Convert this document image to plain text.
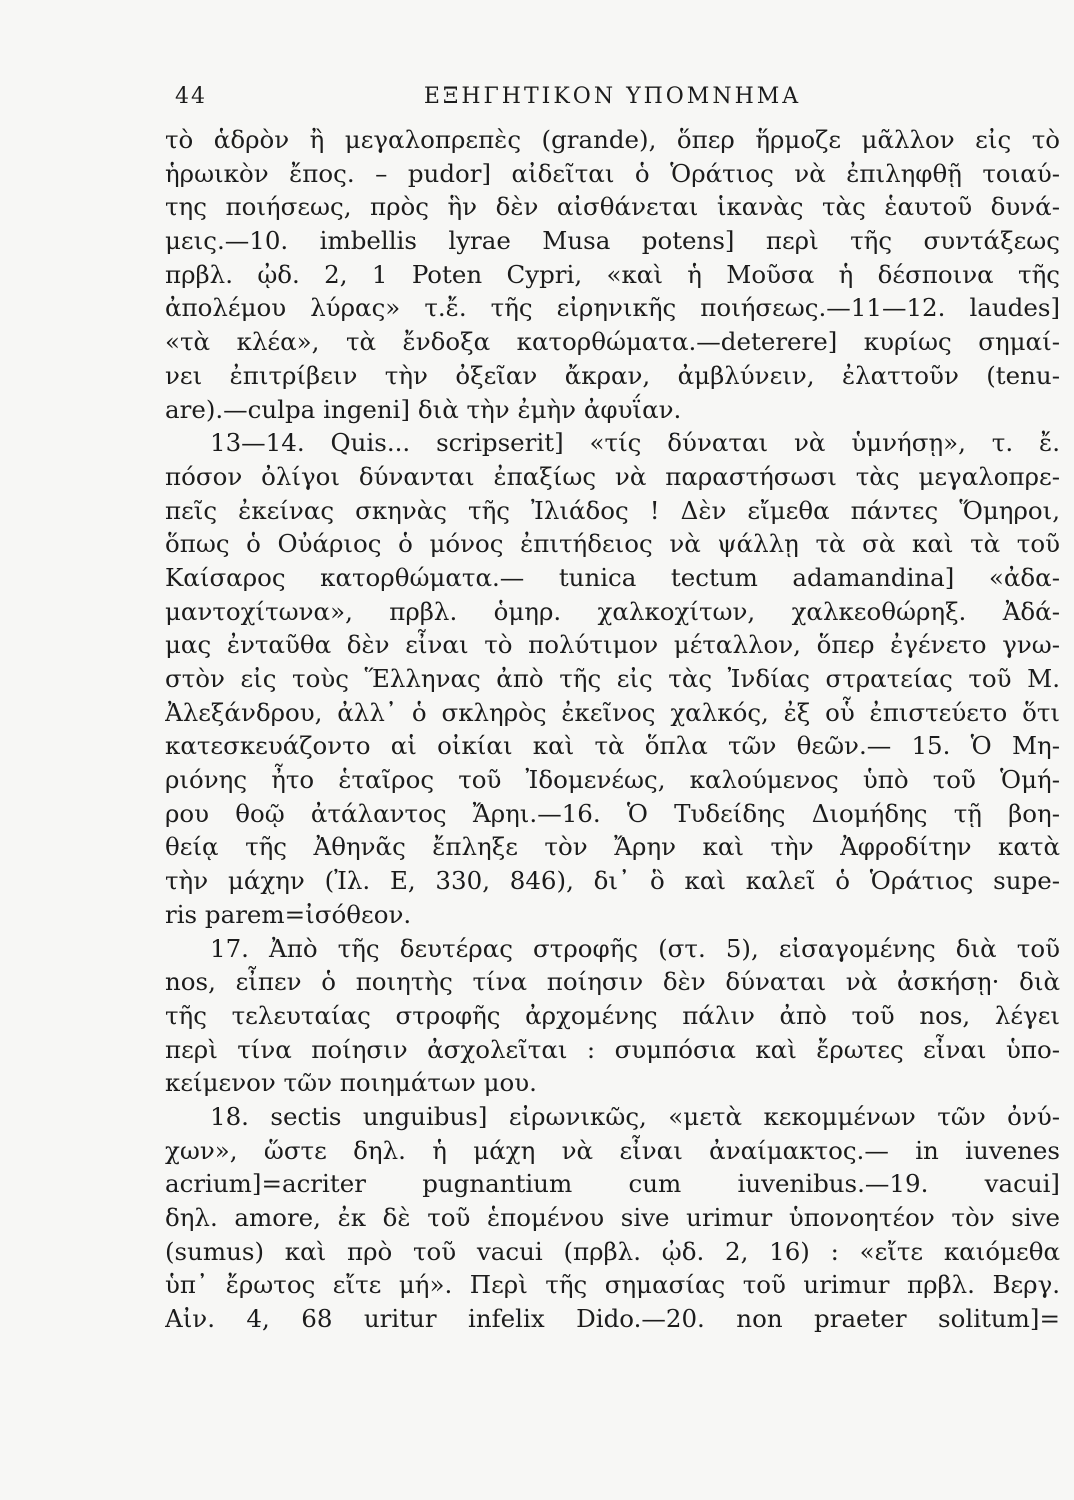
44	ΕΞΗΓΗΤΙΚΟΝ ΥΠΟΜΝΗΜΑ
τὸ ἁδρὸν ἢ μεγαλοπρεπὲς (grande), ὅπερ ἥρμοζε μᾶλλον εἰς τὸ
ἡρωικὸν ἔπος. – pudor] αἰδεῖται ὁ Ὁράτιος νὰ ἐπιληφθῇ τοιαύ-
της ποιήσεως, πρὸς ἣν δὲν αἰσθάνεται ἱκανὰς τὰς ἑαυτοῦ δυνά-
μεις.—10. imbellis lyrae Musa potens] περὶ τῆς συντάξεως
πρβλ. ᾠδ. 2, 1 Poten Cypri, «καὶ ἡ Μοῦσα ἡ δέσποινα τῆς
ἀπολέμου λύρας» τ.ἔ. τῆς εἰρηνικῆς ποιήσεως.—11—12. laudes]
«τὰ κλέα», τὰ ἔνδοξα κατορθώματα.—deterere] κυρίως σημαί-
νει ἐπιτρίβειν τὴν ὀξεῖαν ἄκραν, ἀμβλύνειν, ἐλαττοῦν (tenu-
are).—culpa ingeni] διὰ τὴν ἐμὴν ἀφυΐαν.
13—14. Quis... scripserit] «τίς δύναται νὰ ὑμνήσῃ», τ. ἔ.
πόσον ὀλίγοι δύνανται ἐπαξίως νὰ παραστήσωσι τὰς μεγαλοπρε-
πεῖς ἐκείνας σκηνὰς τῆς Ἰλιάδος ! Δὲν εἴμεθα πάντες Ὅμηροι,
ὅπως ὁ Οὐάριος ὁ μόνος ἐπιτήδειος νὰ ψάλλῃ τὰ σὰ καὶ τὰ τοῦ
Καίσαρος κατορθώματα.— tunica tectum adamandina] «ἀδα-
μαντοχίτωνα», πρβλ. ὁμηρ. χαλκοχίτων, χαλκεοθώρηξ. Ἀδά-
μας ἐνταῦθα δὲν εἶναι τὸ πολύτιμον μέταλλον, ὅπερ ἐγένετο γνω-
στὸν εἰς τοὺς Ἕλληνας ἀπὸ τῆς εἰς τὰς Ἰνδίας στρατείας τοῦ Μ.
Ἀλεξάνδρου, ἀλλ᾽ ὁ σκληρὸς ἐκεῖνος χαλκός, ἐξ οὗ ἐπιστεύετο ὅτι
κατεσκευάζοντο αἱ οἰκίαι καὶ τὰ ὅπλα τῶν θεῶν.— 15. Ὁ Μη-
ριόνης ἦτο ἑταῖρος τοῦ Ἰδομενέως, καλούμενος ὑπὸ τοῦ Ὁμή-
ρου θοῷ ἀτάλαντος Ἄρηι.—16. Ὁ Τυδείδης Διομήδης τῇ βοη-
θείᾳ τῆς Ἀθηνᾶς ἔπληξε τὸν Ἄρην καὶ τὴν Ἀφροδίτην κατὰ
τὴν μάχην (Ἰλ. Ε, 330, 846), δι᾽ ὃ καὶ καλεῖ ὁ Ὁράτιος supe-
ris parem=ἰσόθεον.
17. Ἀπὸ τῆς δευτέρας στροφῆς (στ. 5), εἰσαγομένης διὰ τοῦ
nos, εἶπεν ὁ ποιητὴς τίνα ποίησιν δὲν δύναται νὰ ἀσκήσῃ· διὰ
τῆς τελευταίας στροφῆς ἀρχομένης πάλιν ἀπὸ τοῦ nos, λέγει
περὶ τίνα ποίησιν ἀσχολεῖται : συμπόσια καὶ ἔρωτες εἶναι ὑπο-
κείμενον τῶν ποιημάτων μου.
18. sectis unguibus] εἰρωνικῶς, «μετὰ κεκομμένων τῶν ὀνύ-
χων», ὥστε δηλ. ἡ μάχη νὰ εἶναι ἀναίμακτος.— in iuvenes
acrium]=acriter pugnantium cum iuvenibus.—19. vacui]
δηλ. amore, ἐκ δὲ τοῦ ἑπομένου sive urimur ὑπονοητέον τὸν sive
(sumus) καὶ πρὸ τοῦ vacui (πρβλ. ᾠδ. 2, 16) : «εἴτε καιόμεθα
ὑπ᾽ ἔρωτος εἴτε μή». Περὶ τῆς σημασίας τοῦ urimur πρβλ. Βεργ.
Αἰν. 4, 68 uritur infelix Dido.—20. non praeter solitum]=
